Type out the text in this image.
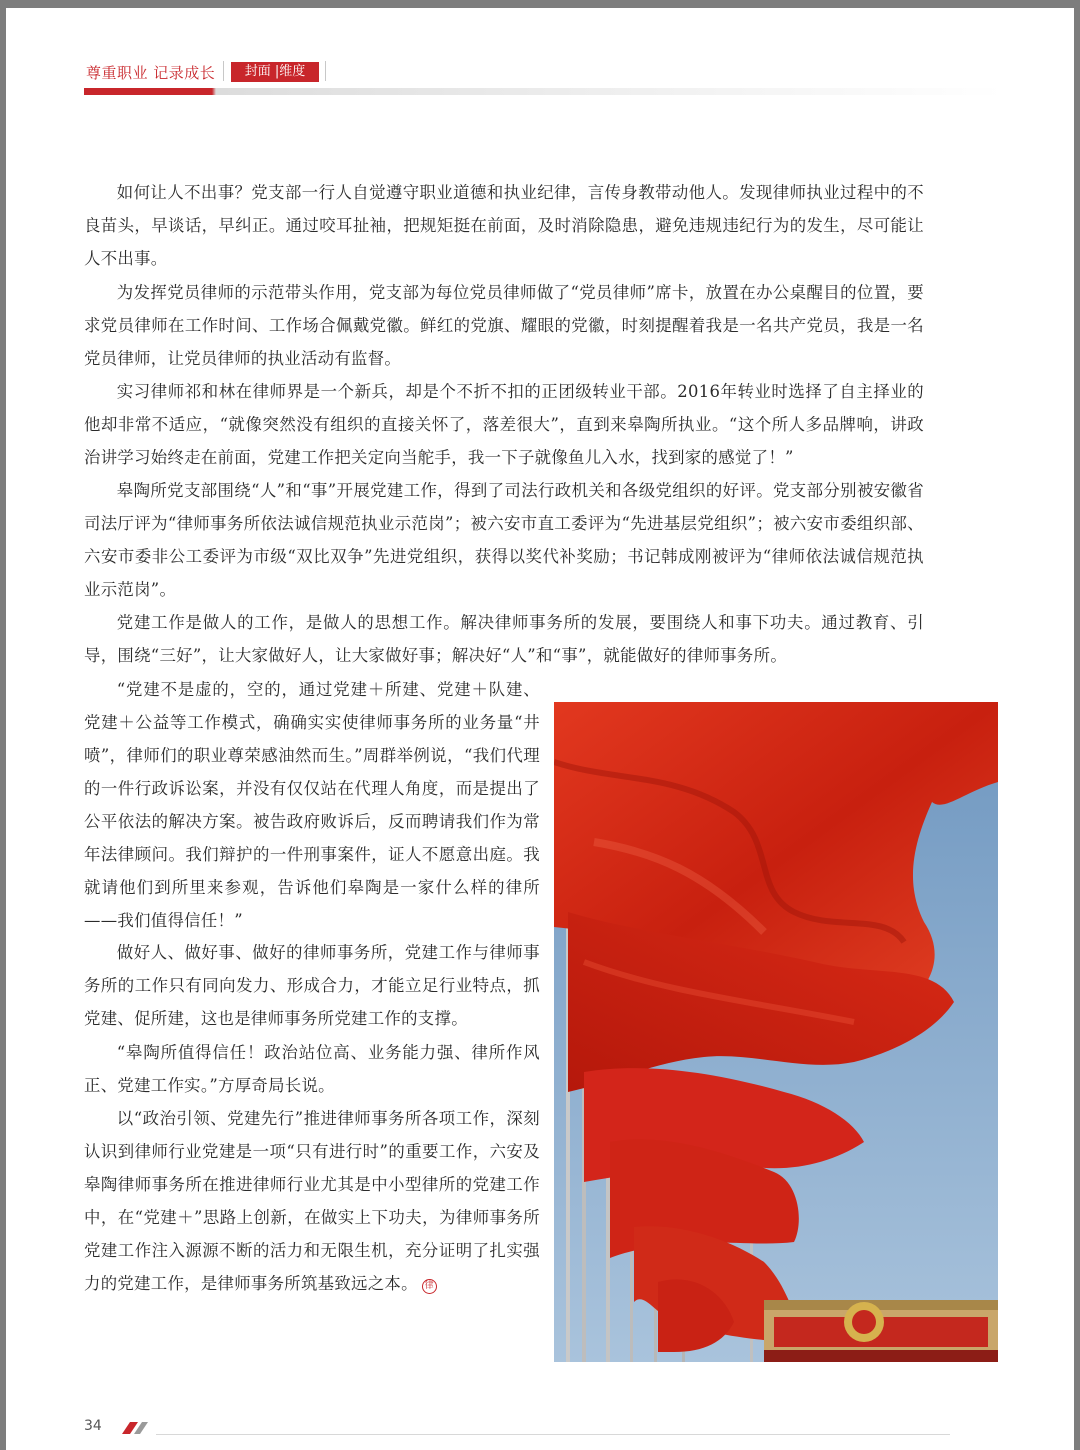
尊重职业 记录成长	封面 |维度

如何让人不出事？党支部一行人自觉遵守职业道德和执业纪律，言传身教带动他人。发现律师执业过程中的不良苗头，早谈话，早纠正。通过咬耳扯袖，把规矩挺在前面，及时消除隐患，避免违规违纪行为的发生，尽可能让人不出事。

为发挥党员律师的示范带头作用，党支部为每位党员律师做了“党员律师”席卡，放置在办公桌醒目的位置，要求党员律师在工作时间、工作场合佩戴党徽。鲜红的党旗、耀眼的党徽，时刻提醒着我是一名共产党员，我是一名党员律师，让党员律师的执业活动有监督。

实习律师祁和林在律师界是一个新兵，却是个不折不扣的正团级转业干部。2016年转业时选择了自主择业的他却非常不适应，“就像突然没有组织的直接关怀了，落差很大”，直到来皋陶所执业。“这个所人多品牌响，讲政治讲学习始终走在前面，党建工作把关定向当舵手，我一下子就像鱼儿入水，找到家的感觉了！”

皋陶所党支部围绕“人”和“事”开展党建工作，得到了司法行政机关和各级党组织的好评。党支部分别被安徽省司法厅评为“律师事务所依法诚信规范执业示范岗”；被六安市直工委评为“先进基层党组织”；被六安市委组织部、六安市委非公工委评为市级“双比双争”先进党组织，获得以奖代补奖励；书记韩成刚被评为“律师依法诚信规范执业示范岗”。

党建工作是做人的工作，是做人的思想工作。解决律师事务所的发展，要围绕人和事下功夫。通过教育、引导，围绕“三好”，让大家做好人，让大家做好事；解决好“人”和“事”，就能做好的律师事务所。

“党建不是虚的，空的，通过党建＋所建、党建＋队建、党建＋公益等工作模式，确确实实使律师事务所的业务量“井喷”，律师们的职业尊荣感油然而生。”周群举例说，“我们代理的一件行政诉讼案，并没有仅仅站在代理人角度，而是提出了公平依法的解决方案。被告政府败诉后，反而聘请我们作为常年法律顾问。我们辩护的一件刑事案件，证人不愿意出庭。我就请他们到所里来参观，告诉他们皋陶是一家什么样的律所——我们值得信任！”

做好人、做好事、做好的律师事务所，党建工作与律师事务所的工作只有同向发力、形成合力，才能立足行业特点，抓党建、促所建，这也是律师事务所党建工作的支撑。

“皋陶所值得信任！政治站位高、业务能力强、律所作风正、党建工作实。”方厚奇局长说。

以“政治引领、党建先行”推进律师事务所各项工作，深刻认识到律师行业党建是一项“只有进行时”的重要工作，六安及皋陶律师事务所在推进律师行业尤其是中小型律所的党建工作中，在“党建＋”思路上创新，在做实上下功夫，为律师事务所党建工作注入源源不断的活力和无限生机，充分证明了扎实强力的党建工作，是律师事务所筑基致远之本。 律

34
